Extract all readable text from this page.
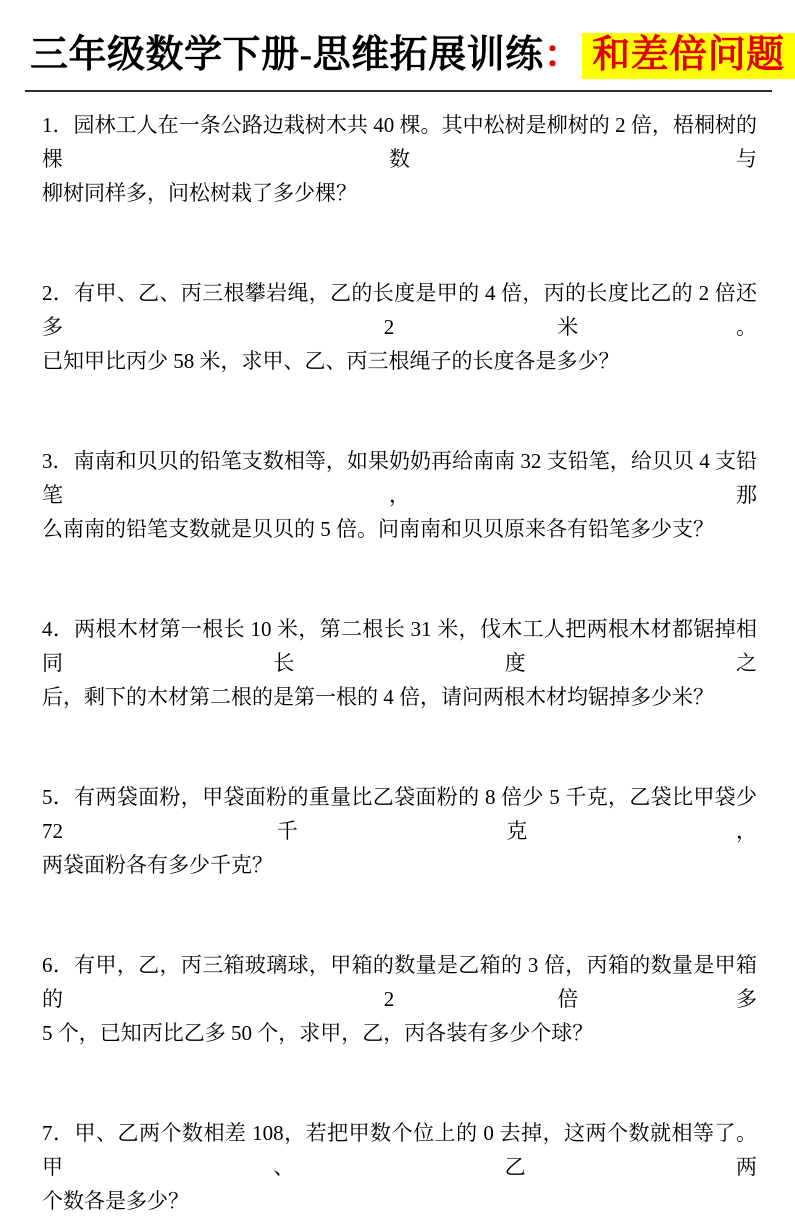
三年级数学下册-思维拓展训练： 和差倍问题
1．园林工人在一条公路边栽树木共 40 棵。其中松树是柳树的 2 倍，梧桐树的棵数与
柳树同样多，问松树栽了多少棵？
2．有甲、乙、丙三根攀岩绳，乙的长度是甲的 4 倍，丙的长度比乙的 2 倍还多 2 米。
已知甲比丙少 58 米，求甲、乙、丙三根绳子的长度各是多少？
3．南南和贝贝的铅笔支数相等，如果奶奶再给南南 32 支铅笔，给贝贝 4 支铅笔，那
么南南的铅笔支数就是贝贝的 5 倍。问南南和贝贝原来各有铅笔多少支？
4．两根木材第一根长 10 米，第二根长 31 米，伐木工人把两根木材都锯掉相同长度之
后，剩下的木材第二根的是第一根的 4 倍，请问两根木材均锯掉多少米？
5．有两袋面粉，甲袋面粉的重量比乙袋面粉的 8 倍少 5 千克，乙袋比甲袋少 72 千克，
两袋面粉各有多少千克？
6．有甲，乙，丙三箱玻璃球，甲箱的数量是乙箱的 3 倍，丙箱的数量是甲箱的 2 倍多
5 个，已知丙比乙多 50 个，求甲，乙，丙各装有多少个球？
7．甲、乙两个数相差 108，若把甲数个位上的 0 去掉，这两个数就相等了。甲、乙两
个数各是多少？
